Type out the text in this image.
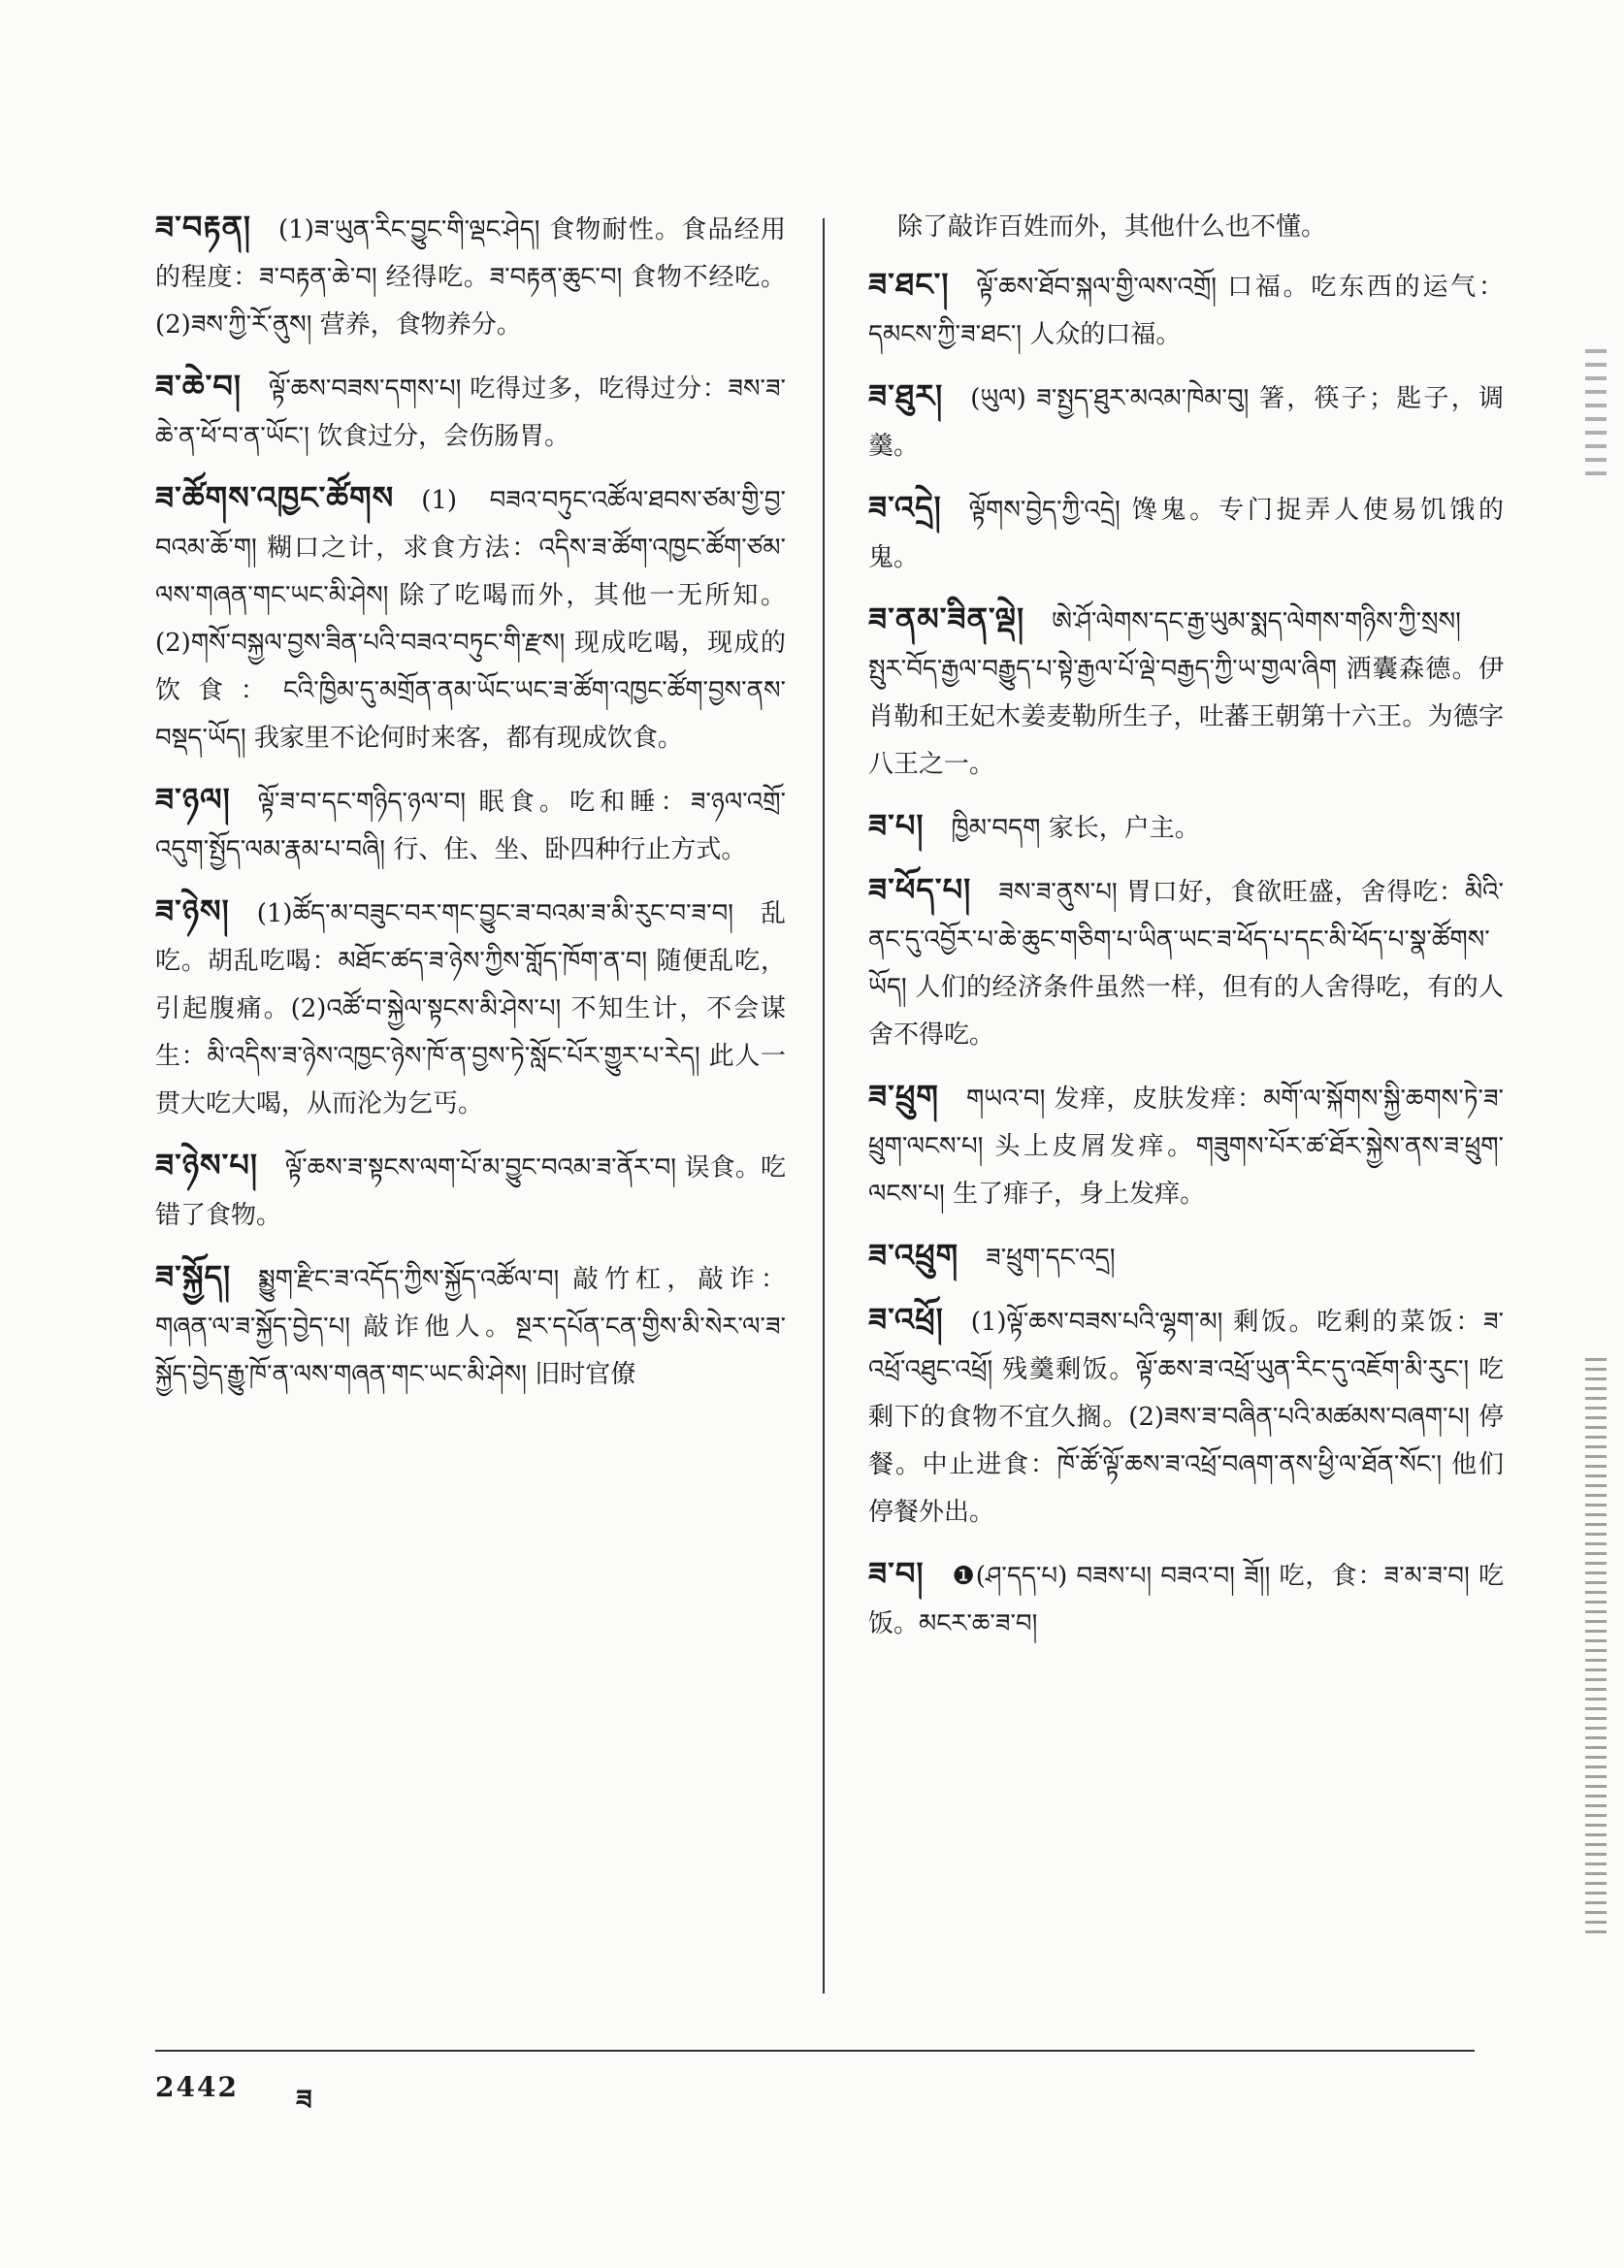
ཟ་བརྟན། (1)ཟ་ཡུན་རིང་བྱུང་གི་ལྡང་ཤེད། 食物耐性。食品经用的程度：ཟ་བརྟན་ཆེ་བ། 经得吃。ཟ་བརྟན་ཆུང་བ། 食物不经吃。(2)ཟས་ཀྱི་རོ་ནུས། 营养，食物养分。
ཟ་ཆེ་བ། ལྟོ་ཆས་བཟས་དགས་པ། 吃得过多，吃得过分：ཟས་ཟ་ཆེ་ན་ཕོ་བ་ན་ཡོང་། 饮食过分，会伤肠胃。
ཟ་ཚོགས་འཁྱང་ཚོགས (1) བཟའ་བཏུང་འཚོལ་ཐབས་ཙམ་གྱི་བྱ་བའམ་ཆོ་ག། 糊口之计，求食方法：འདིས་ཟ་ཚོག་འཁྱང་ཚོག་ཙམ་ལས་གཞན་གང་ཡང་མི་ཤེས། 除了吃喝而外，其他一无所知。(2)གསོ་བསྐྱལ་བྱས་ཟིན་པའི་བཟའ་བཏུང་གི་རྫས། 现成吃喝，现成的饮食：ངའི་ཁྱིམ་དུ་མགྲོན་ནམ་ཡོང་ཡང་ཟ་ཚོག་འཁྱང་ཚོག་བྱས་ནས་བསྡད་ཡོད། 我家里不论何时来客，都有现成饮食。
ཟ་ཉལ། ལྟོ་ཟ་བ་དང་གཉིད་ཉལ་བ། 眠食。吃和睡：ཟ་ཉལ་འགྲོ་འདུག་སྤྱོད་ལམ་རྣམ་པ་བཞི། 行、住、坐、卧四种行止方式。
ཟ་ཉེས། (1)ཚོད་མ་བཟུང་བར་གང་བྱུང་ཟ་བའམ་ཟ་མི་རུང་བ་ཟ་བ། 乱吃。胡乱吃喝：མཐོང་ཚད་ཟ་ཉེས་ཀྱིས་གློད་ཁོག་ན་བ། 随便乱吃，引起腹痛。(2)འཚོ་བ་སྐྱེལ་སྟངས་མི་ཤེས་པ། 不知生计，不会谋生：མི་འདིས་ཟ་ཉེས་འཁྱང་ཉེས་ཁོ་ན་བྱས་ཏེ་སློང་པོར་གྱུར་པ་རེད། 此人一贯大吃大喝，从而沦为乞丐。
ཟ་ཉེས་པ། ལྟོ་ཆས་ཟ་སྟངས་ལག་པོ་མ་བྱུང་བའམ་ཟ་ནོར་བ། 误食。吃错了食物。
ཟ་སྐྱོད། སྨྱུག་རྫིང་ཟ་འདོད་ཀྱིས་སྐྱོད་འཚོལ་བ། 敲竹杠，敲诈：གཞན་ལ་ཟ་སྐྱོད་བྱེད་པ། 敲诈他人。སྔར་དཔོན་ངན་གྱིས་མི་སེར་ལ་ཟ་སྐྱོད་བྱེད་རྒྱུ་ཁོ་ན་ལས་གཞན་གང་ཡང་མི་ཤེས། 旧时官僚
除了敲诈百姓而外，其他什么也不懂。
ཟ་ཐང་། ལྟོ་ཆས་ཐོབ་སྐལ་གྱི་ལས་འགྲོ། 口福。吃东西的运气：དམངས་ཀྱི་ཟ་ཐང་། 人众的口福。
ཟ་ཐུར། (ཡུལ) ཟ་སྤྱད་ཐུར་མའམ་ཁེམ་བུ། 箸，筷子；匙子，调羹。
ཟ་འདྲེ། ལྟོགས་བྱེད་ཀྱི་འདྲེ། 馋鬼。专门捉弄人使易饥饿的鬼。
ཟ་ནམ་ཟིན་ལྡེ། ཨེ་ཤོ་ལེགས་དང་རྒྱ་ཡུམ་སྨད་ལེགས་གཉིས་ཀྱི་སྲས། སྤུར་བོད་རྒྱལ་བརྒྱུད་པ་སྟེ་རྒྱལ་པོ་ལྡེ་བརྒྱད་ཀྱི་ཡ་གྱལ་ཞིག 洒囊森德。伊肖勒和王妃木姜麦勒所生子，吐蕃王朝第十六王。为德字八王之一。
ཟ་པ། ཁྱིམ་བདག 家长，户主。
ཟ་ཕོད་པ། ཟས་ཟ་ནུས་པ། 胃口好，食欲旺盛，舍得吃：མིའི་ནང་དུ་འབྱོར་པ་ཆེ་ཆུང་གཅིག་པ་ཡིན་ཡང་ཟ་ཕོད་པ་དང་མི་ཕོད་པ་སྣ་ཚོགས་ཡོད། 人们的经济条件虽然一样，但有的人舍得吃，有的人舍不得吃。
ཟ་ཕྲུག གཡའ་བ། 发痒，皮肤发痒：མགོ་ལ་སྐོགས་སྐྱི་ཆགས་ཏེ་ཟ་ཕྲུག་ལངས་པ། 头上皮屑发痒。གཟུགས་པོར་ཚ་ཐོར་སྐྱེས་ནས་ཟ་ཕྲུག་ལངས་པ། 生了痱子，身上发痒。
ཟ་འཕྲུག ཟ་ཕྲུག་དང་འདྲ།
ཟ་འཕྲོ། (1)ལྟོ་ཆས་བཟས་པའི་ལྷག་མ། 剩饭。吃剩的菜饭：ཟ་འཕྲོ་འཐུང་འཕྲོ། 残羹剩饭。ལྟོ་ཆས་ཟ་འཕྲོ་ཡུན་རིང་དུ་འཇོག་མི་རུང་། 吃剩下的食物不宜久搁。(2)ཟས་ཟ་བཞིན་པའི་མཚམས་བཞག་པ། 停餐。中止进食：ཁོ་ཚོ་ལྟོ་ཆས་ཟ་འཕྲོ་བཞག་ནས་ཕྱི་ལ་ཐོན་སོང་། 他们停餐外出。
ཟ་བ། ❶(ཤ་དད་པ) བཟས་པ། བཟའ་བ། ཟོ།། 吃，食：ཟ་མ་ཟ་བ། 吃饭。མངར་ཆ་ཟ་བ།
2442 ཟ
